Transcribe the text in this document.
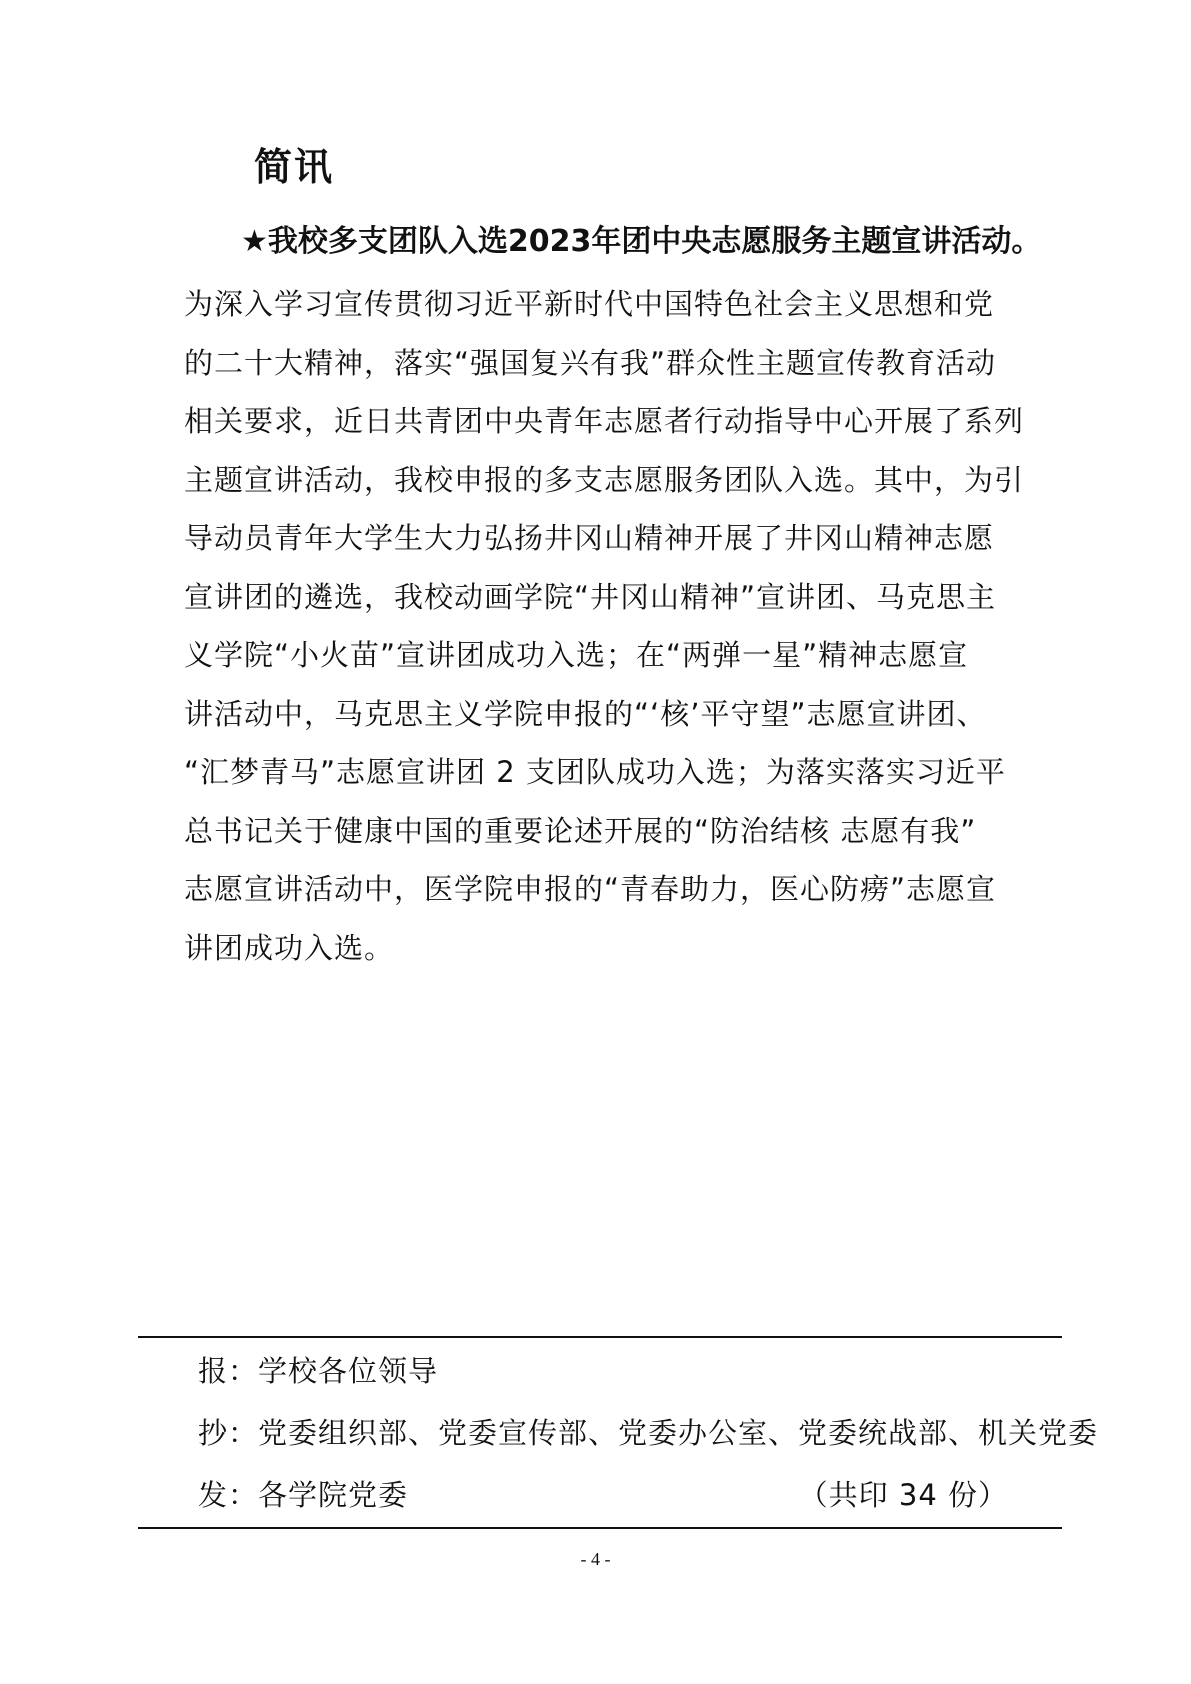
简讯
★我校多支团队入选2023年团中央志愿服务主题宣讲活动。
为深入学习宣传贯彻习近平新时代中国特色社会主义思想和党
的二十大精神，落实“强国复兴有我”群众性主题宣传教育活动
相关要求，近日共青团中央青年志愿者行动指导中心开展了系列
主题宣讲活动，我校申报的多支志愿服务团队入选。其中，为引
导动员青年大学生大力弘扬井冈山精神开展了井冈山精神志愿
宣讲团的遴选，我校动画学院“井冈山精神”宣讲团、马克思主
义学院“小火苗”宣讲团成功入选；在“两弹一星”精神志愿宣
讲活动中，马克思主义学院申报的“‘核’平守望”志愿宣讲团、
“汇梦青马”志愿宣讲团 2 支团队成功入选；为落实落实习近平
总书记关于健康中国的重要论述开展的“防治结核 志愿有我”
志愿宣讲活动中，医学院申报的“青春助力，医心防痨”志愿宣
讲团成功入选。
报：学校各位领导
抄：党委组织部、党委宣传部、党委办公室、党委统战部、机关党委
发：各学院党委	（共印 34 份）
- 4 -
